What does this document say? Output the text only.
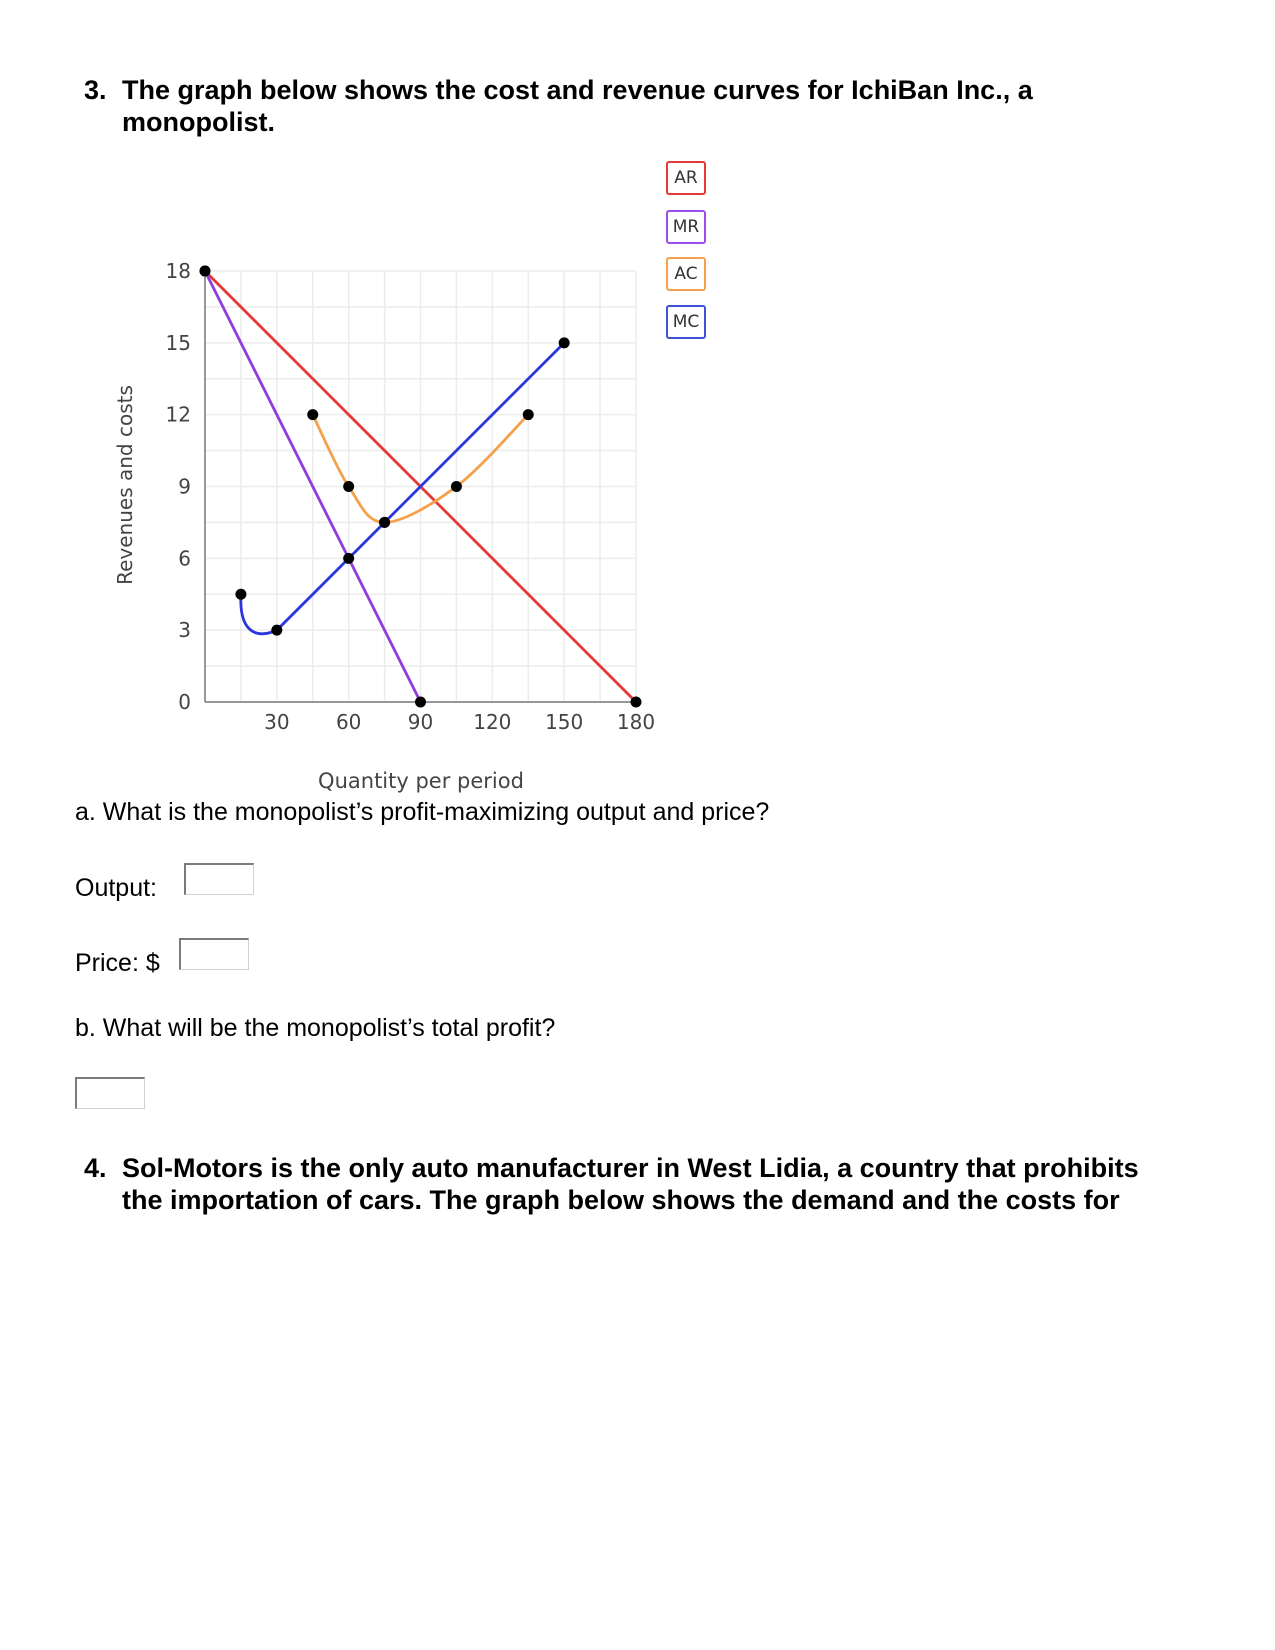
3. The graph below shows the cost and revenue curves for IchiBan Inc., a monopolist.
30 60 90 120 150 180
0
3
6
9
12
15
18
Quantity per period
Revenues and costs
AR
MR
AC
MC

a. What is the monopolist’s profit-maximizing output and price?

Output:
Price: $

b. What will be the monopolist’s total profit?

4. Sol-Motors is the only auto manufacturer in West Lidia, a country that prohibits the importation of cars. The graph below shows the demand and the costs for
